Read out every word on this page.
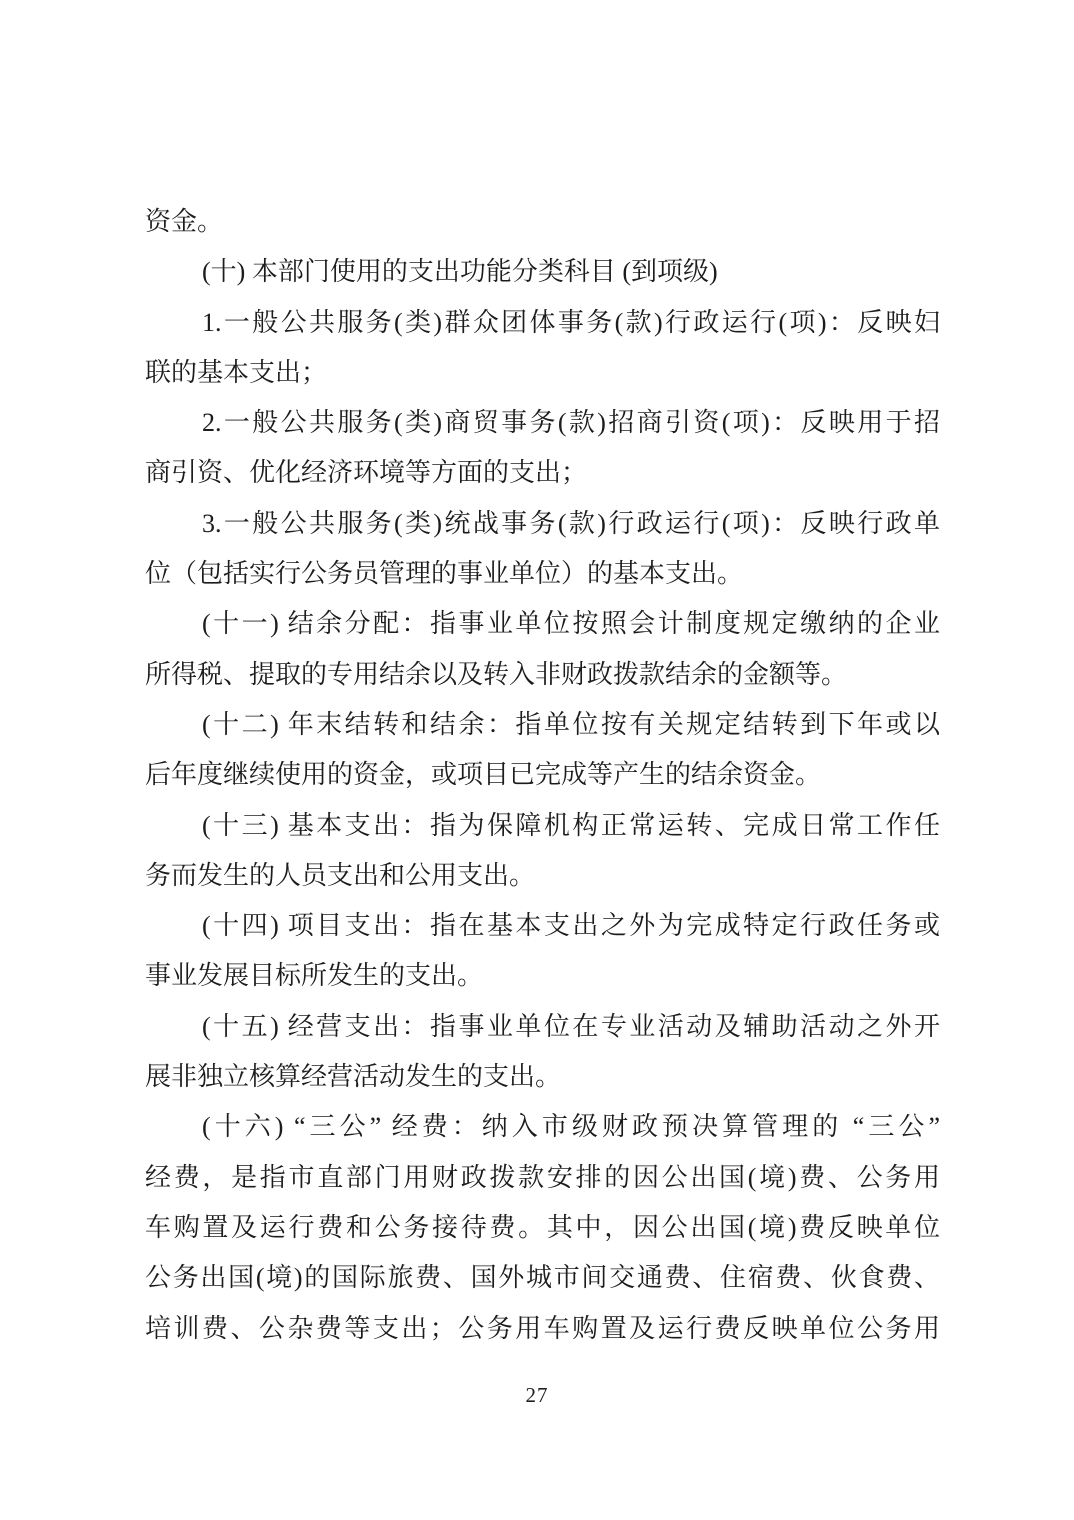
资金。
(十) 本部门使用的支出功能分类科目 (到项级)
1.一般公共服务(类)群众团体事务(款)行政运行(项)：反映妇
联的基本支出；
2.一般公共服务(类)商贸事务(款)招商引资(项)：反映用于招
商引资、优化经济环境等方面的支出；
3.一般公共服务(类)统战事务(款)行政运行(项)：反映行政单
位（包括实行公务员管理的事业单位）的基本支出。
(十一) 结余分配：指事业单位按照会计制度规定缴纳的企业
所得税、提取的专用结余以及转入非财政拨款结余的金额等。
(十二) 年末结转和结余：指单位按有关规定结转到下年或以
后年度继续使用的资金，或项目已完成等产生的结余资金。
(十三) 基本支出：指为保障机构正常运转、完成日常工作任
务而发生的人员支出和公用支出。
(十四) 项目支出：指在基本支出之外为完成特定行政任务或
事业发展目标所发生的支出。
(十五) 经营支出：指事业单位在专业活动及辅助活动之外开
展非独立核算经营活动发生的支出。
(十六) “三公” 经费：纳入市级财政预决算管理的 “三公”
经费，是指市直部门用财政拨款安排的因公出国(境)费、公务用
车购置及运行费和公务接待费。其中，因公出国(境)费反映单位
公务出国(境)的国际旅费、国外城市间交通费、住宿费、伙食费、
培训费、公杂费等支出；公务用车购置及运行费反映单位公务用
27
